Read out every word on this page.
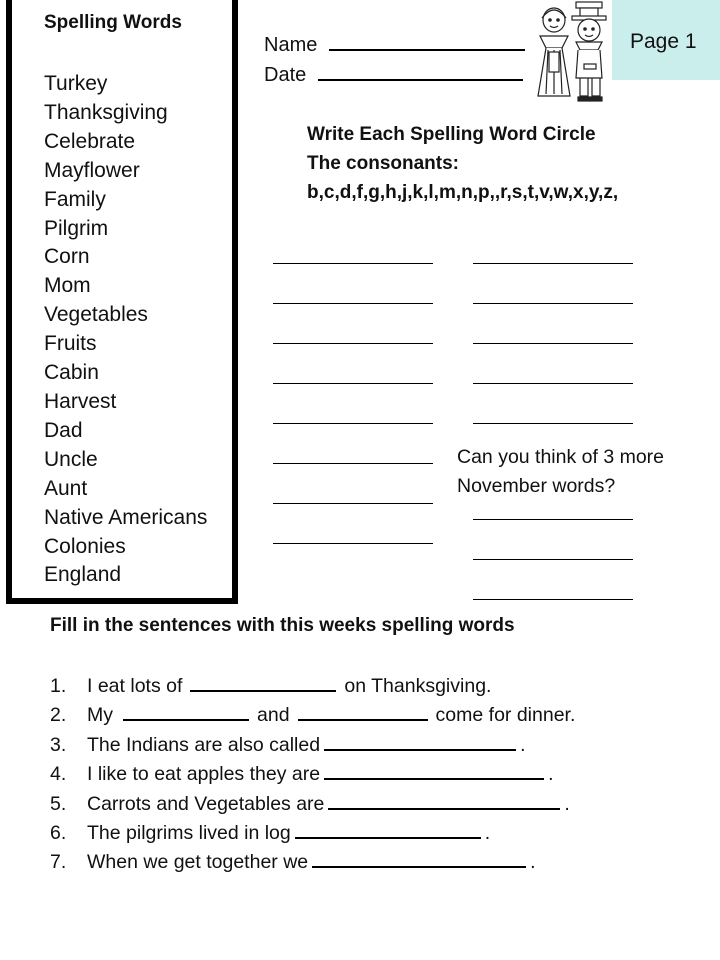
Spelling Words
Turkey
Thanksgiving
Celebrate
Mayflower
Family
Pilgrim
Corn
Mom
Vegetables
Fruits
Cabin
Harvest
Dad
Uncle
Aunt
Native Americans
Colonies
England
Name
Date
Page 1
Write Each Spelling Word Circle
The consonants:
b,c,d,f,g,h,j,k,l,m,n,p,,r,s,t,v,w,x,y,z,
Can you think of 3 more
November words?
Fill in the sentences with this weeks spelling words
1. I eat lots of	on Thanksgiving.
2. My	and	come for dinner.
3. The Indians are also called	.
4. I like to eat apples they are	.
5. Carrots and Vegetables are	.
6. The pilgrims lived in log	.
7. When we get together we	.
